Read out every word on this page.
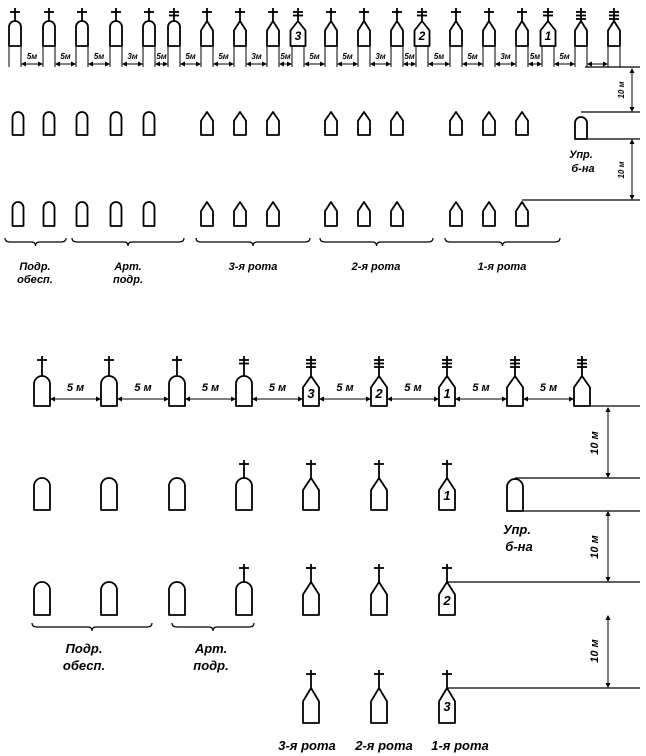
3	2	1
5м	5м	5м	3м 5м 5м	5м	3м 5м 5м	5м	3м 5м 5м	5м	3м 5м 5м
Упр.
б-на
10 м
10 м
Подр.
обесп.
Арт.
подр.
3-я рота	2-я рота	1-я рота
3	2	1
5 м	5 м	5 м	5 м	5 м	5 м	5 м	5 м
1
Упр.
б-на
2
Подр.
обесп.
Арт.
подр.
3
3-я рота 2-я рота 1-я рота
10 м
10 м
10 м
